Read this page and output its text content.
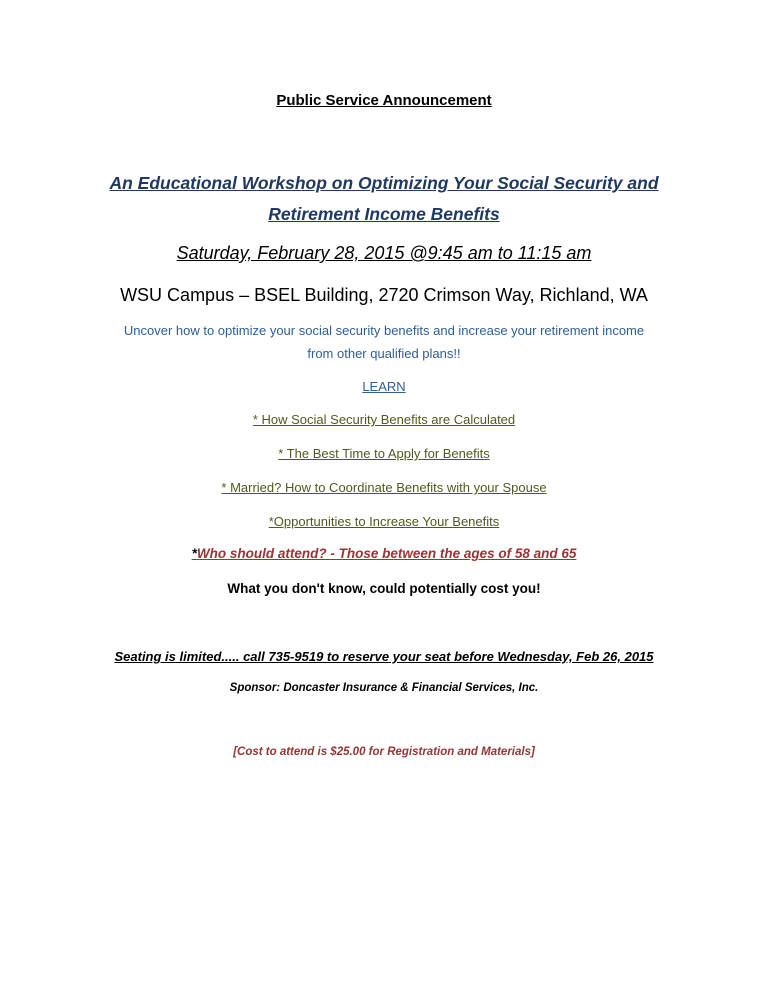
Public Service Announcement
An Educational Workshop on Optimizing Your Social Security and
Retirement Income Benefits
Saturday, February 28, 2015 @9:45 am to 11:15 am
WSU Campus – BSEL Building, 2720 Crimson Way, Richland, WA
Uncover how to optimize your social security benefits and increase your retirement income
from other qualified plans!!
LEARN
* How Social Security Benefits are Calculated
* The Best Time to Apply for Benefits
* Married? How to Coordinate Benefits with your Spouse
*Opportunities to Increase Your Benefits
*Who should attend? - Those between the ages of 58 and 65
What you don't know, could potentially cost you!
Seating is limited..... call 735-9519 to reserve your seat before Wednesday, Feb 26, 2015
Sponsor: Doncaster Insurance & Financial Services, Inc.
[Cost to attend is $25.00 for Registration and Materials]
